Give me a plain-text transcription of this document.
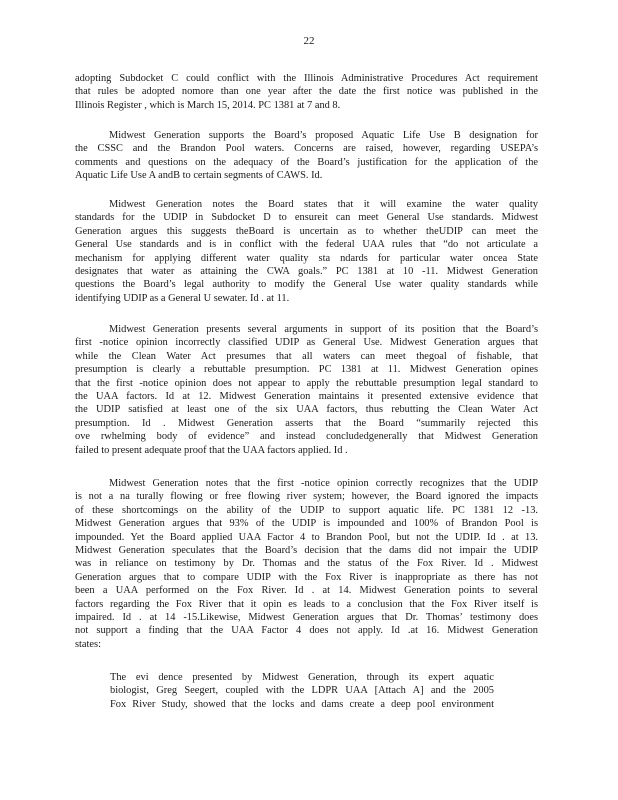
22
adopting Subdocket C could conflict with the Illinois Administrative Procedures Act requirement
that rules be adopted nomore than one year after the date the first notice was published in the
Illinois Register , which is March 15, 2014. PC 1381 at 7 and 8.
Midwest Generation supports the Board’s proposed Aquatic Life Use B designation for
the CSSC and the Brandon Pool waters. Concerns are raised, however, regarding USEPA’s
comments and questions on the adequacy of the Board’s justification for the application of the
Aquatic Life Use A andB to certain segments of CAWS. Id.
Midwest Generation notes the Board states that it will examine the water quality
standards for the UDIP in Subdocket D to ensureit can meet General Use standards. Midwest
Generation argues this suggests theBoard is uncertain as to whether theUDIP can meet the
General Use standards and is in conflict with the federal UAA rules that “do not articulate a
mechanism for applying different water quality sta ndards for particular water oncea State
designates that water as attaining the CWA goals.” PC 1381 at 10 -11. Midwest Generation
questions the Board’s legal authority to modify the General Use water quality standards while
identifying UDIP as a General U sewater. Id . at 11.
Midwest Generation presents several arguments in support of its position that the Board’s
first -notice opinion incorrectly classified UDIP as General Use. Midwest Generation argues that
while the Clean Water Act presumes that all waters can meet thegoal of fishable, that
presumption is clearly a rebuttable presumption. PC 1381 at 11. Midwest Generation opines
that the first -notice opinion does not appear to apply the rebuttable presumption legal standard to
the UAA factors. Id at 12. Midwest Generation maintains it presented extensive evidence that
the UDIP satisfied at least one of the six UAA factors, thus rebutting the Clean Water Act
presumption. Id . Midwest Generation asserts that the Board “summarily rejected this
ove rwhelming body of evidence” and instead concludedgenerally that Midwest Generation
failed to present adequate proof that the UAA factors applied. Id .
Midwest Generation notes that the first -notice opinion correctly recognizes that the UDIP
is not a na turally flowing or free flowing river system; however, the Board ignored the impacts
of these shortcomings on the ability of the UDIP to support aquatic life. PC 1381 12 -13.
Midwest Generation argues that 93% of the UDIP is impounded and 100% of Brandon Pool is
impounded. Yet the Board applied UAA Factor 4 to Brandon Pool, but not the UDIP. Id . at 13.
Midwest Generation speculates that the Board’s decision that the dams did not impair the UDIP
was in reliance on testimony by Dr. Thomas and the status of the Fox River. Id . Midwest
Generation argues that to compare UDIP with the Fox River is inappropriate as there has not
been a UAA performed on the Fox River. Id . at 14. Midwest Generation points to several
factors regarding the Fox River that it opin es leads to a conclusion that the Fox River itself is
impaired. Id . at 14 -15.Likewise, Midwest Generation argues that Dr. Thomas’ testimony does
not support a finding that the UAA Factor 4 does not apply. Id .at 16. Midwest Generation
states:
The evi dence presented by Midwest Generation, through its expert aquatic
biologist, Greg Seegert, coupled with the LDPR UAA [Attach A] and the 2005
Fox River Study, showed that the locks and dams create a deep pool environment
